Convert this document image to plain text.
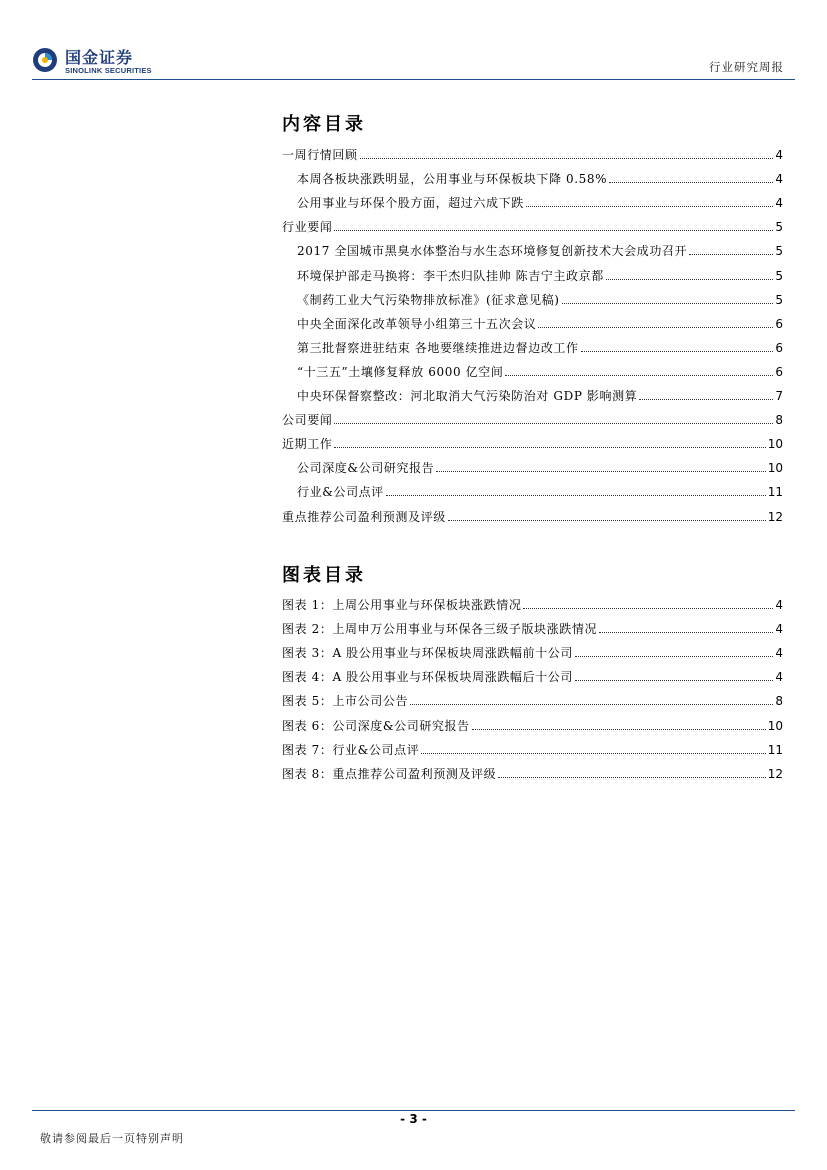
国金证券
SINOLINK SECURITIES	行业研究周报
内容目录
一周行情回顾	4
本周各板块涨跌明显，公用事业与环保板块下降 0.58%	4
公用事业与环保个股方面，超过六成下跌	4
行业要闻	5
2017 全国城市黑臭水体整治与水生态环境修复创新技术大会成功召开	5
环境保护部走马换将：李干杰归队挂帅 陈吉宁主政京都	5
《制药工业大气污染物排放标准》(征求意见稿)	5
中央全面深化改革领导小组第三十五次会议	6
第三批督察进驻结束 各地要继续推进边督边改工作	6
“十三五”土壤修复释放 6000 亿空间	6
中央环保督察整改：河北取消大气污染防治对 GDP 影响测算	7
公司要闻	8
近期工作	10
公司深度&公司研究报告	10
行业&公司点评	11
重点推荐公司盈利预测及评级	12
图表目录
图表 1：上周公用事业与环保板块涨跌情况	4
图表 2：上周申万公用事业与环保各三级子版块涨跌情况	4
图表 3：A 股公用事业与环保板块周涨跌幅前十公司	4
图表 4：A 股公用事业与环保板块周涨跌幅后十公司	4
图表 5：上市公司公告	8
图表 6：公司深度&公司研究报告	10
图表 7：行业&公司点评	11
图表 8：重点推荐公司盈利预测及评级	12
- 3 -
敬请参阅最后一页特别声明
